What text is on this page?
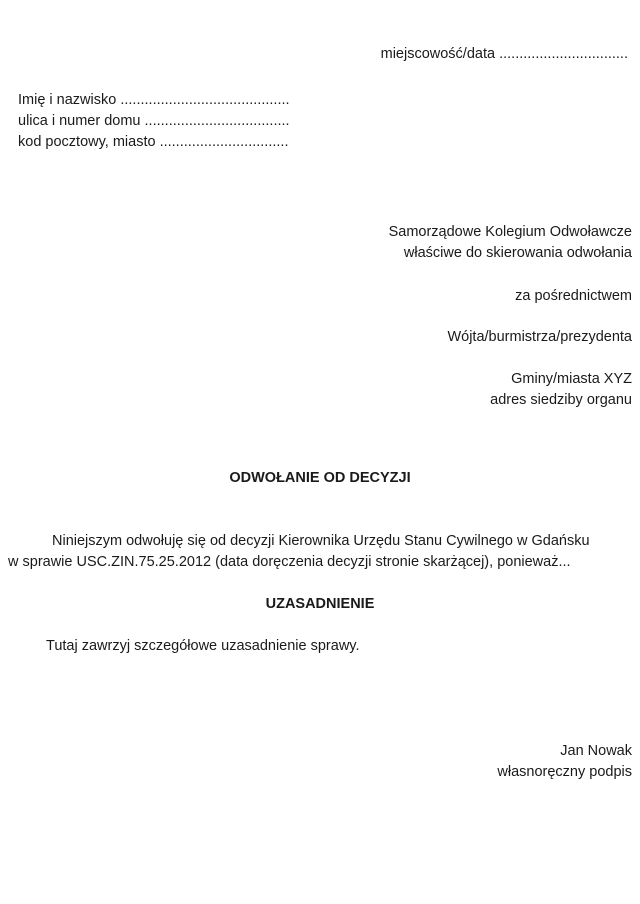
miejscowość/data ................................
Imię i nazwisko ..........................................
ulica i numer domu ....................................
kod pocztowy, miasto ................................
Samorządowe Kolegium Odwoławcze
właściwe do skierowania odwołania
za pośrednictwem
Wójta/burmistrza/prezydenta
Gminy/miasta XYZ
adres siedziby organu
ODWOŁANIE OD DECYZJI
Niniejszym odwołuję się od decyzji Kierownika Urzędu Stanu Cywilnego w Gdańsku
w sprawie USC.ZIN.75.25.2012 (data doręczenia decyzji stronie skarżącej), ponieważ...
UZASADNIENIE
Tutaj zawrzyj szczegółowe uzasadnienie sprawy.
Jan Nowak
własnoręczny podpis
